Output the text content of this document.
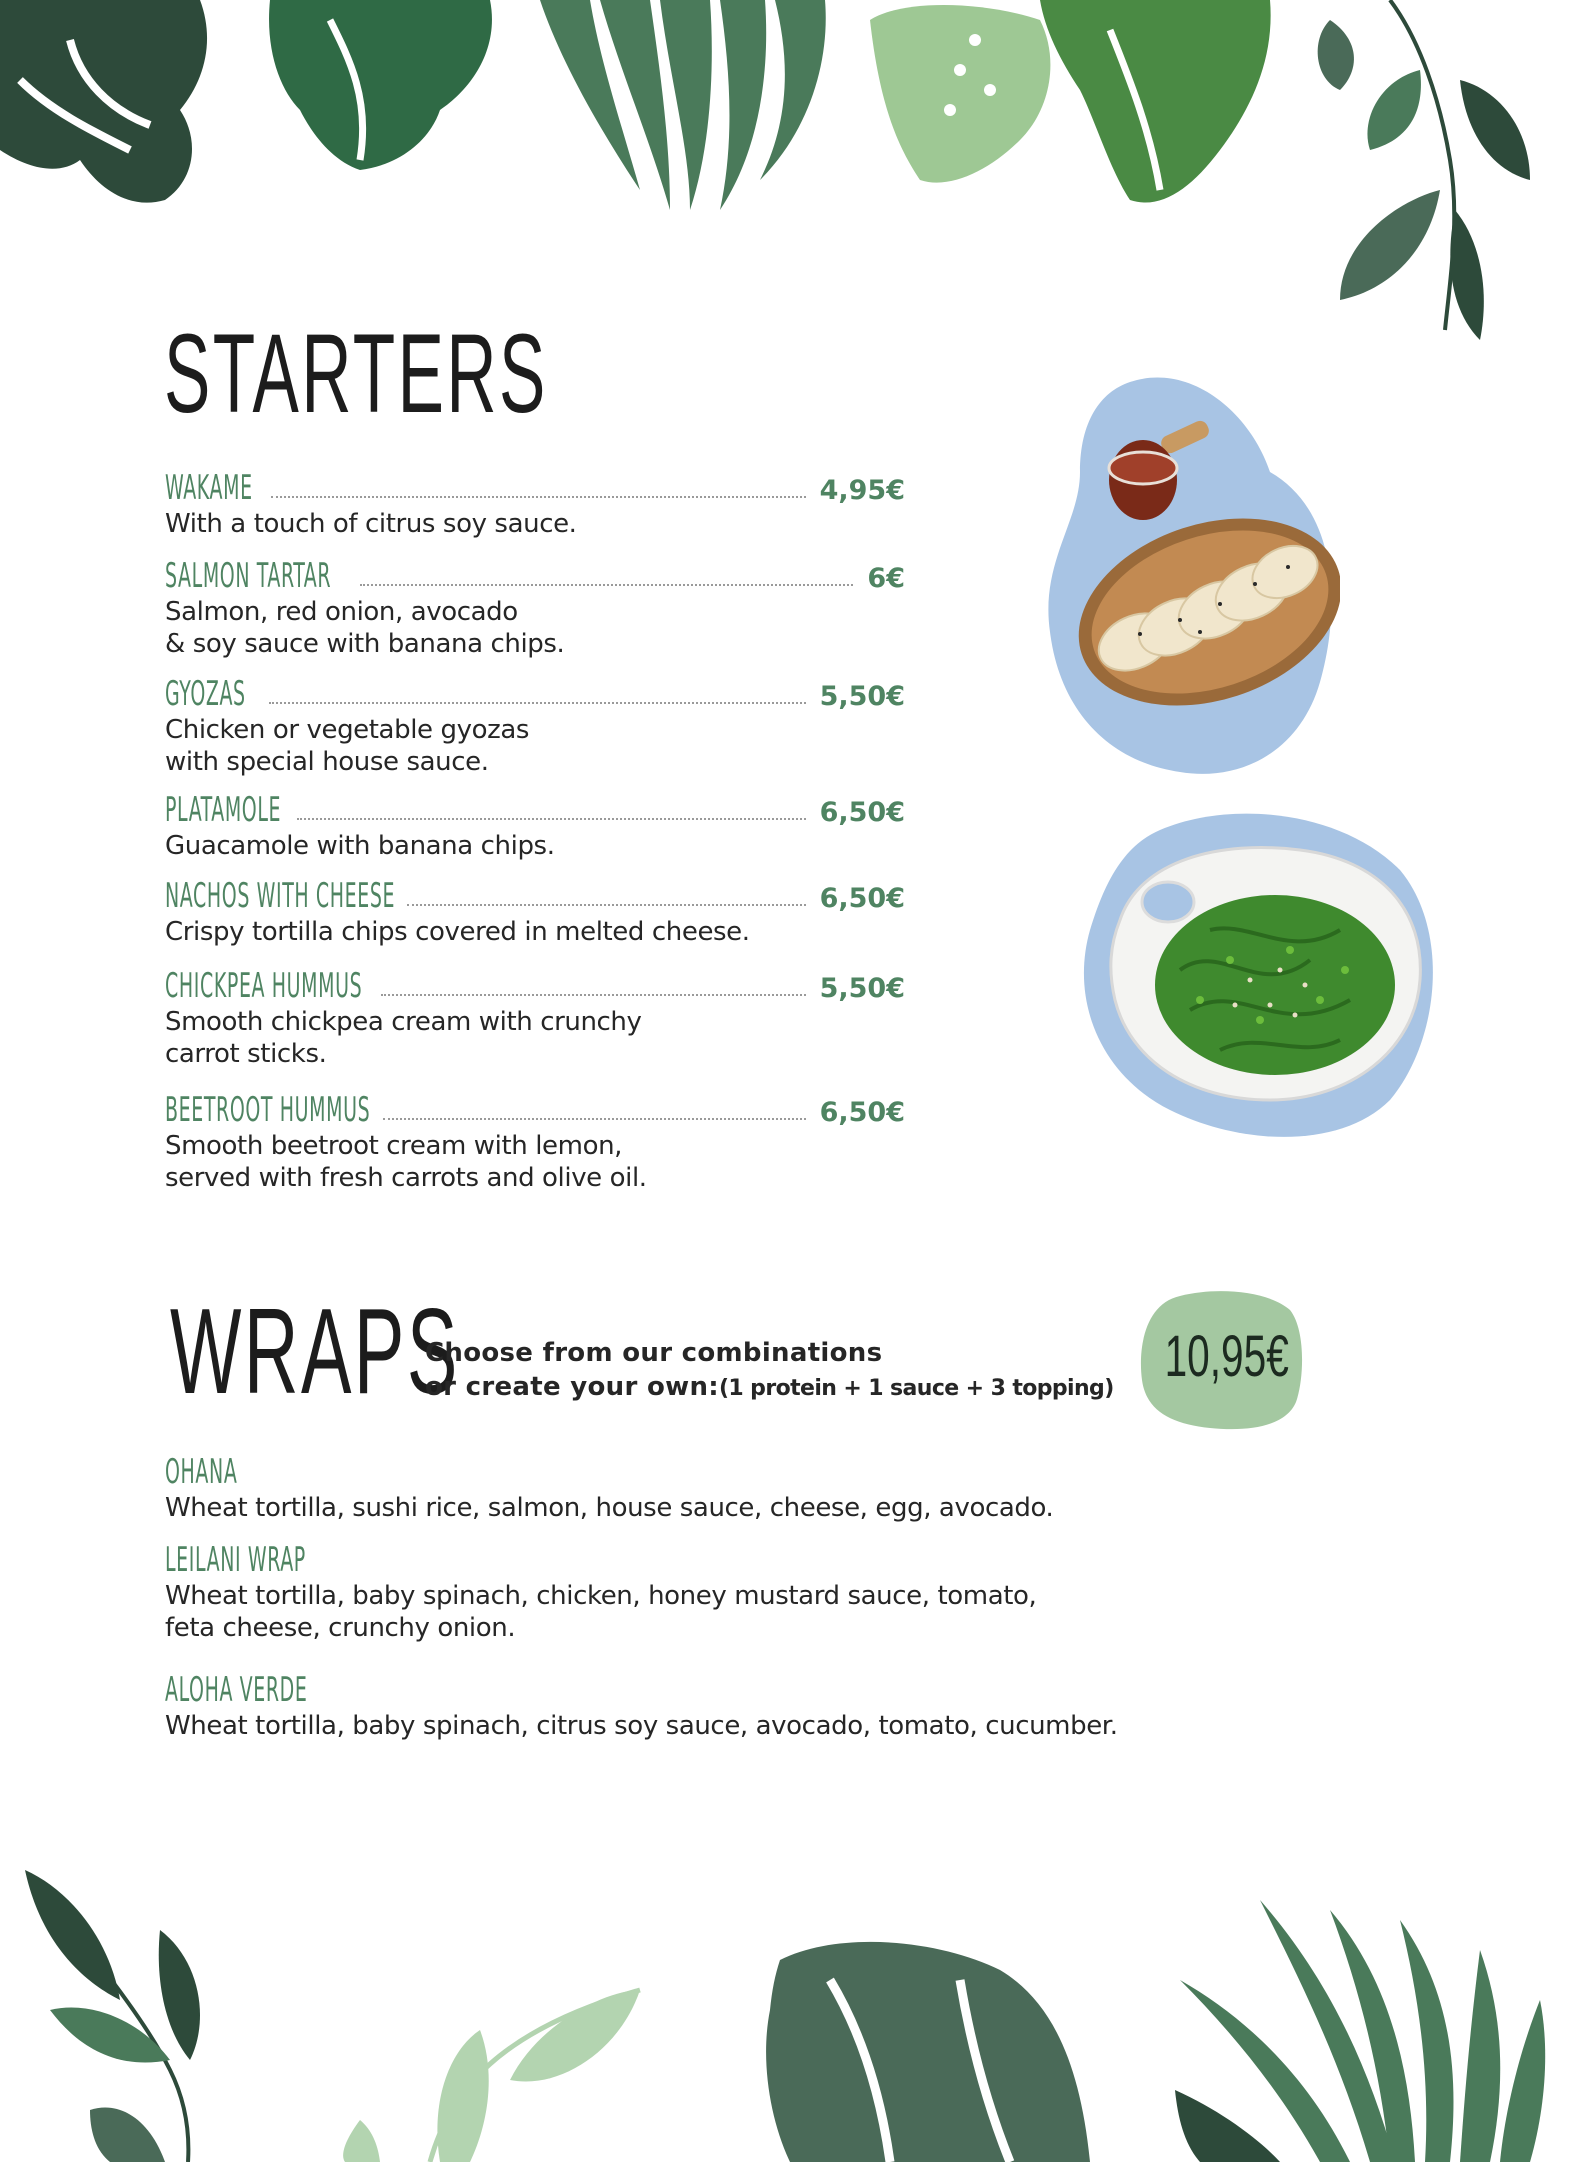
STARTERS
WAKAME	4,95€
With a touch of citrus soy sauce.
SALMON TARTAR	6€
Salmon, red onion, avocado
& soy sauce with banana chips.
GYOZAS	5,50€
Chicken or vegetable gyozas
with special house sauce.
PLATAMOLE	6,50€
Guacamole with banana chips.
NACHOS WITH CHEESE	6,50€
Crispy tortilla chips covered in melted cheese.
CHICKPEA HUMMUS	5,50€
Smooth chickpea cream with crunchy
carrot sticks.
BEETROOT HUMMUS	6,50€
Smooth beetroot cream with lemon,
served with fresh carrots and olive oil.
WRAPS
Choose from our combinations
or create your own:(1 protein + 1 sauce + 3 topping) 10,95€
OHANA
Wheat tortilla, sushi rice, salmon, house sauce, cheese, egg, avocado.
LEILANI WRAP
Wheat tortilla, baby spinach, chicken, honey mustard sauce, tomato,
feta cheese, crunchy onion.
ALOHA VERDE
Wheat tortilla, baby spinach, citrus soy sauce, avocado, tomato, cucumber.
